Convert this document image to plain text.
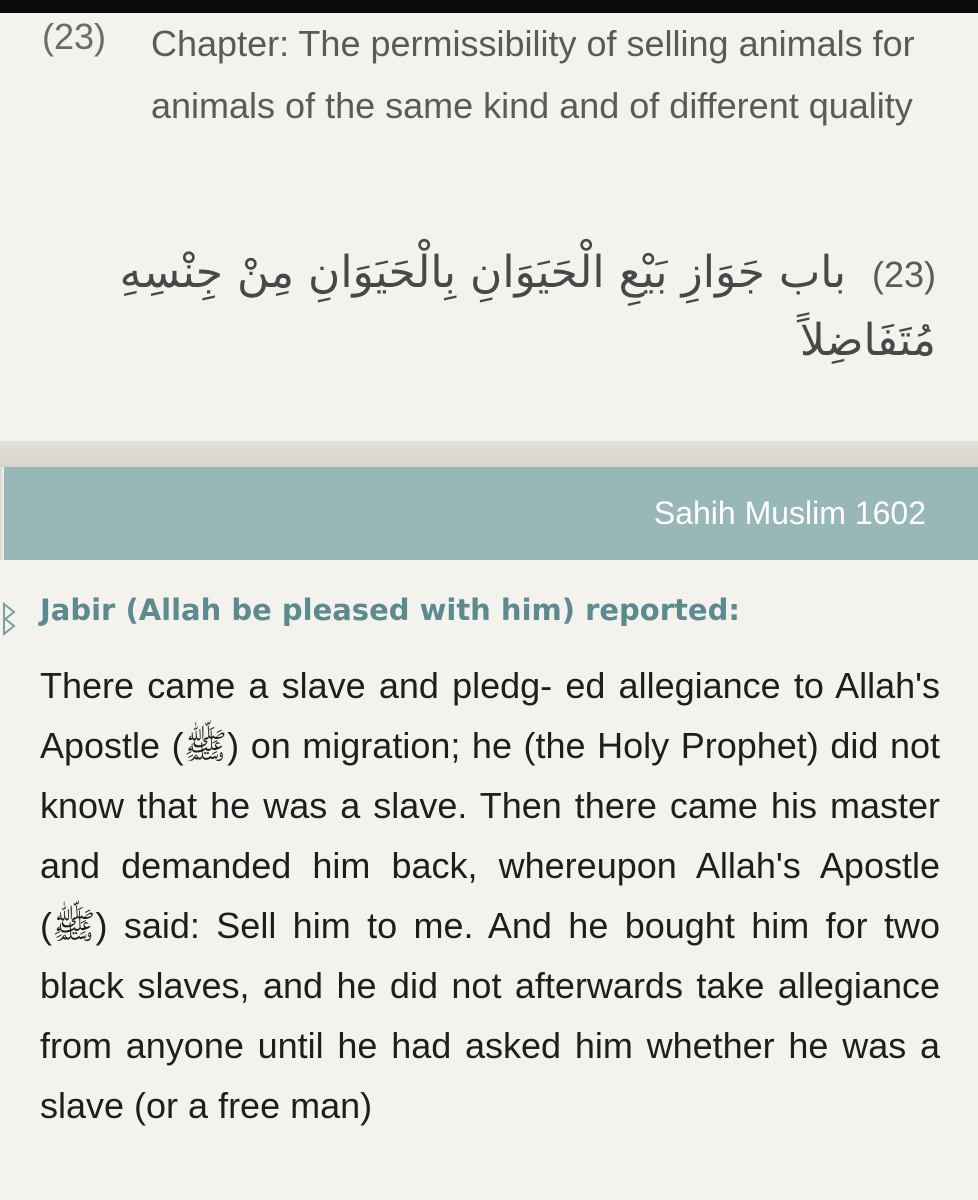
(23) Chapter: The permissibility of selling animals for animals of the same kind and of different quality

(23) باب جَوَازِ بَيْعِ الْحَيَوَانِ بِالْحَيَوَانِ مِنْ جِنْسِهِ مُتَفَاضِلاً
Sahih Muslim 1602

Jabir (Allah be pleased with him) reported:

There came a slave and pledg- ed allegiance to Allah's Apostle (ﷺ) on migration; he (the Holy Prophet) did not know that he was a slave. Then there came his master and demanded him back, whereupon Allah's Apostle (ﷺ) said: Sell him to me. And he bought him for two black slaves, and he did not afterwards take allegiance from anyone until he had asked him whether he was a slave (or a free man)
